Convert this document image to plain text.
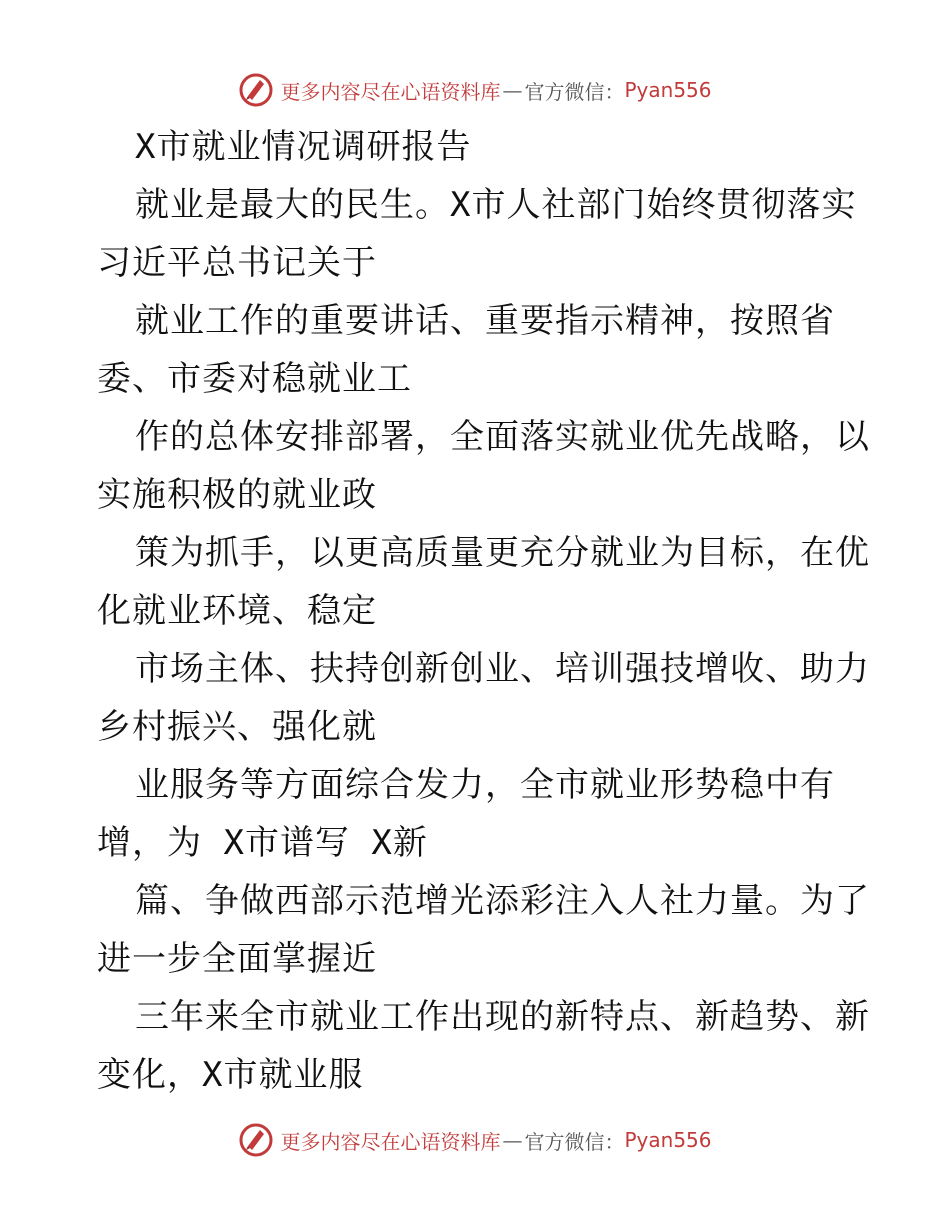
更多内容尽在心语资料库 — 官方微信： Pyan556
X市就业情况调研报告
就业是最大的民生。X市人社部门始终贯彻落实
习近平总书记关于
就业工作的重要讲话、重要指示精神，按照省
委、市委对稳就业工
作的总体安排部署，全面落实就业优先战略，以
实施积极的就业政
策为抓手，以更高质量更充分就业为目标，在优
化就业环境、稳定
市场主体、扶持创新创业、培训强技增收、助力
乡村振兴、强化就
业服务等方面综合发力，全市就业形势稳中有
增，为 X市谱写 X新
篇、争做西部示范增光添彩注入人社力量。为了
进一步全面掌握近
三年来全市就业工作出现的新特点、新趋势、新
变化，X市就业服
更多内容尽在心语资料库 — 官方微信： Pyan556
